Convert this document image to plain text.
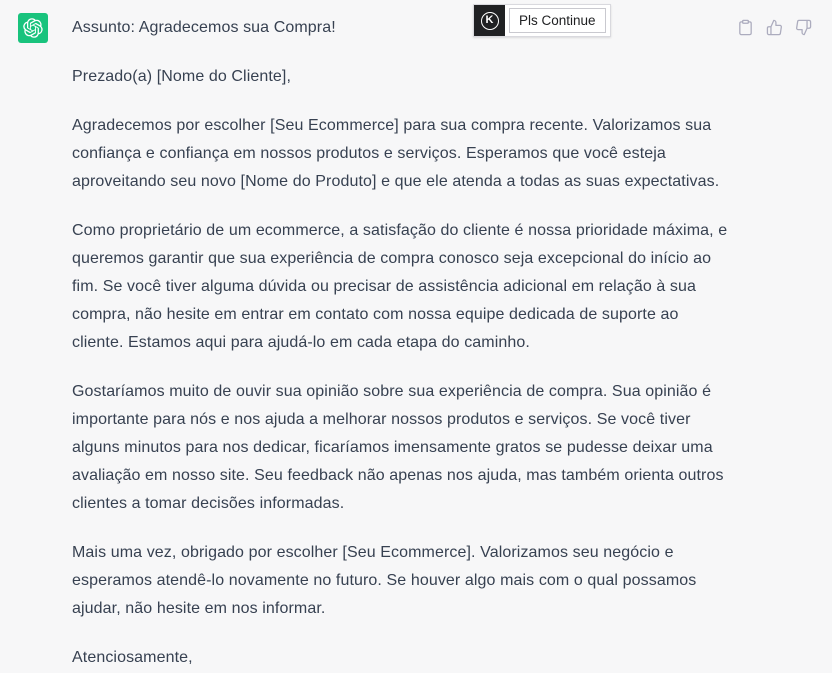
Assunto: Agradecemos sua Compra!

Prezado(a) [Nome do Cliente],

Agradecemos por escolher [Seu Ecommerce] para sua compra recente. Valorizamos sua confiança e confiança em nossos produtos e serviços. Esperamos que você esteja aproveitando seu novo [Nome do Produto] e que ele atenda a todas as suas expectativas.

Como proprietário de um ecommerce, a satisfação do cliente é nossa prioridade máxima, e queremos garantir que sua experiência de compra conosco seja excepcional do início ao fim. Se você tiver alguma dúvida ou precisar de assistência adicional em relação à sua compra, não hesite em entrar em contato com nossa equipe dedicada de suporte ao cliente. Estamos aqui para ajudá-lo em cada etapa do caminho.

Gostaríamos muito de ouvir sua opinião sobre sua experiência de compra. Sua opinião é importante para nós e nos ajuda a melhorar nossos produtos e serviços. Se você tiver alguns minutos para nos dedicar, ficaríamos imensamente gratos se pudesse deixar uma avaliação em nosso site. Seu feedback não apenas nos ajuda, mas também orienta outros clientes a tomar decisões informadas.

Mais uma vez, obrigado por escolher [Seu Ecommerce]. Valorizamos seu negócio e esperamos atendê-lo novamente no futuro. Se houver algo mais com o qual possamos ajudar, não hesite em nos informar.

Atenciosamente,

K	Pls Continue
